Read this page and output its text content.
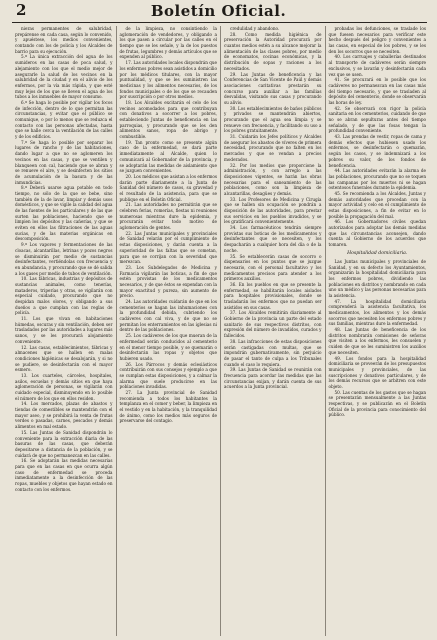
2	Boletín Oficial.

nieras permanentes de salubridad, prepárense en cada casa, según lo convenido, y apuéstese, los medios convenientes, contando con los de policía y los Alcaldes de barrio para su ejecución.

5.ª La única extracción del agua de los sumideros en las casas de poca salud, y alejamiento con los que el medio mejor de asegurarle la salud de los vecinos en la salubridad de la ciudad y en el alivio de los enfermos, por la vía más rápida, y que esté muy lejos de los que se lleven el agua de los tubos a los inmuebles de mayor consumo.

6.ª Se haga lo posible por vigilar los focos de infección, dentro de lo que permitan las circunstancias, y evitar que el público se comunique, o por lo menos que se reduzca el contacto con las personas afectadas, hasta que se halle cerca la ventilación de las calles y de los edificios.

7.ª Se haga lo posible por separar los lugares de rancho y de las habitaciones, dando lugar a que no se aglomeren los vecinos en las casas, y que se ventilen y blanqueen con cal, haciendo que se abran y se renueve el aire, y se desinfecten los sitios de acumulación de la basura y de las inmundicias.

8.ª Deberá usarse agua potable en todo tiempo, no sólo de la que se bebe, sino también de la de lavar, limpiar y demás usos domésticos, y que se vigile la calidad del agua de las fuentes de los particulares y de las que surten las poblaciones, haciendo que se limpien los depósitos y las cañerías, y que se eviten en ellos las filtraciones de las aguas sucias, y de las materias orgánicas en descomposición.

9.ª Los vapores y fermentaciones de las cloacas, alcantarillas, letrinas y pozos negros se disminuirán por medio de sustancias desinfectantes, vertiéndolas con frecuencia y en abundancia, y procurando que se dé salida a los gases por medio de tubos de ventilación.

10. Las fábricas, industrias y depósitos de sustancias animales, como tenerías, mataderos, triperías y otras, se vigilarán con especial cuidado, procurando que no despidan malos olores, y obligando a sus dueños a que cumplan con las reglas de policía.

11. Los que vivan en habitaciones húmedas, oscuras y sin ventilación, deben ser trasladados por las autoridades a lugares más sanos, y se les procurará alojamiento conveniente.

12. Las casas, establecimientos, fábricas y almacenes que se hallen en malas condiciones higiénicas se desalojarán, y si no se pudiere, se desinfectarán con el mayor esmero.

13. Los cuarteles, cárceles, hospitales, asilos, escuelas y demás sitios en que haya aglomeración de personas, se vigilarán con cuidado especial, disminuyendo en lo posible el número de los que en ellos residen.

14. Los mercados, plazas de abastos y tiendas de comestibles se mantendrán con el mayor aseo, y se prohibirá la venta de frutas verdes o pasadas, carnes, pescados y demás alimentos en mal estado.

15. Las Juntas de Sanidad dispondrán lo conveniente para la extracción diaria de las basuras de las casas, que deberán depositarse a distancia de la población, y se cuidará de que no permanezcan en las calles.

16. Se adoptarán las medidas necesarias para que en las casas en que ocurra algún caso de enfermedad se proceda inmediatamente a la desinfección de las ropas, muebles y objetos que hayan estado en contacto con los enfermos.

de la limpieza, no consintiendo la aglomeración de vendedores, y obligando a los que pasen a circular por las calles en el tiempo que se les señale, y la de los puestos de frutas, legumbres y demás artículos que se expenden al público.

17. Las autoridades locales dispondrán que los enfermos pobres sean asistidos a domicilio por los médicos titulares, con la mayor puntualidad, y que se les suministren las medicinas y los alimentos necesarios, de los fondos municipales o de los que se recauden por suscripción o por otros medios.

18. Los Alcaldes excitarán el celo de los vecinos acomodados para que contribuyan con donativos a socorrer a los pobres, estableciendo Juntas de beneficencia en las parroquias, y procurando que se les den alimentos sanos, ropa de abrigo y combustible.

19. Tan pronto como se presente algún caso de la enfermedad, se dará parte inmediatamente al Alcalde, quien lo comunicará al Gobernador de la provincia, y se adoptarán las medidas de aislamiento que se juzguen convenientes.

20. Los médicos que asistan a los enfermos darán parte diariamente a la Junta de Sanidad del número de casos, su gravedad y el resultado de la asistencia, para que se publique en el Boletín Oficial.

21. Las autoridades no permitirán que se celebren ferias, romerías, fiestas ni reuniones numerosas mientras dure la epidemia, y procurarán evitar todo motivo de aglomeración de gentes.

22. Las Juntas municipales y provinciales de Sanidad velarán por el cumplimiento de estas disposiciones, y darán cuenta a la superioridad de las faltas que se cometan, para que se corrijan con la severidad que merezcan.

23. Los Subdelegados de Medicina y Farmacia vigilarán las boticas, a fin de que estén provistas de los medicamentos necesarios, y de que éstos se expendan con la mayor exactitud y pureza, sin aumento de precio.

24. Las autoridades cuidarán de que en los cementerios se hagan las inhumaciones con la profundidad debida, cubriendo los cadáveres con cal viva, y de que no se permitan los enterramientos en las iglesias ni dentro de las poblaciones.

25. Los cadáveres de los que mueran de la enfermedad serán conducidos al cementerio en el menor tiempo posible, y se quemarán o desinfectarán las ropas y objetos que hubieren usado.

26. Los Párrocos y demás eclesiásticos contribuirán con sus consejos y ejemplo a que se cumplan estas disposiciones, y a calmar la alarma que suele producirse en las poblaciones invadidas.

27. La Junta provincial de Sanidad recomienda a todos los habitantes la templanza en el comer y beber, la limpieza en el vestido y en la habitación, y la tranquilidad de ánimo, como los medios más seguros de preservarse del contagio.

credulidad y abandono.

28. Como medida higiénica de preservación la Autoridad procurará por cuantos medios estén a su alcance mejorar la alimentación de las clases pobres, por medio de economatos, cocinas económicas, y la distribución de sopas y raciones a los necesitados.

29. Las Juntas de beneficencia y las Conferencias de San Vicente de Paúl y demás asociaciones caritativas prestarán su concurso para auxiliar a las familias desvalidas, visitando sus casas y procurando su alivio.

30. Los establecimientos de baños públicos y privados se mantendrán abiertos, procurando que el agua sea limpia y se renueve con frecuencia, y facilitando su uso a los pobres gratuitamente.

31. Cuidarán los Jefes políticos y Alcaldes de asegurar los abastos de víveres de primera necesidad, procurando que no falten en los mercados y que se vendan a precios moderados.

32. Por los medios que proporcione la administración, y con arreglo a las disposiciones vigentes, se harán las obras necesarias para el saneamiento de las poblaciones, como son la limpieza de alcantarillas, desagües y demás.

33. Los Profesores de Medicina y Cirugía que se hallen sin ocupación se pondrán a disposición de las autoridades, para prestar sus servicios en los pueblos invadidos, y se les gratificará convenientemente.

34. Los farmacéuticos tendrán siempre provistas sus boticas de los medicamentos y desinfectantes que se necesiten, y los despacharán a cualquier hora del día o de la noche.

35. Se establecerán casas de socorro o dispensarios en los puntos que se juzgue necesario, con el personal facultativo y los medicamentos precisos para atender a los primeros auxilios.

36. En los pueblos en que se presente la enfermedad, se habilitarán locales aislados para hospitales provisionales, donde se trasladarán los enfermos que no puedan ser asistidos en sus casas.

37. Los Alcaldes remitirán diariamente al Gobierno de la provincia un parte del estado sanitario de sus respectivos distritos, con expresión del número de invadidos, curados y fallecidos.

38. Las infracciones de estas disposiciones serán castigadas con multas, que se impondrán gubernativamente, sin perjuicio de pasar el tanto de culpa a los Tribunales cuando el caso lo requiera.

39. Las Juntas de Sanidad se reunirán con frecuencia para acordar las medidas que las circunstancias exijan, y darán cuenta de sus acuerdos a la Junta provincial.

probadas los defunciones, se traslade los que fuesen necesarios para verificar este hecho después del peligro y convenientes a las casas, en especial de los pobres, y se les den los socorros que se necesiten.

40. Los carruajes y caballerías destinados al transporte de cadáveres serán siempre exclusivos, y se lavarán y desinfectarán cada vez que se usen.

41. Se procurará en lo posible que los cadáveres no permanezcan en las casas más del tiempo necesario, y que se trasladen al depósito del cementerio, donde se observarán las horas de ley.

42. Se observará con rigor la policía sanitaria en los cementerios, cuidando de que no se abran sepulturas antes del tiempo señalado, y de que las fosas tengan la profundidad conveniente.

43. Las prendas de vestir, ropas de cama y demás efectos que hubiesen usado los enfermos, se desinfectarán o quemarán, según los casos, y se indemnizará a los pobres su valor, de los fondos de beneficencia.

44. Las autoridades evitarán la alarma de las poblaciones, procurando que no se toquen las campanas por los muertos ni se hagan ostentosos funerales durante la epidemia.

45. Se recomienda a los Alcaldes, Juntas y demás autoridades que procedan con la mayor actividad y celo en el cumplimiento de estas disposiciones, a fin de evitar en lo posible la propagación del mal.

46. Los Gobernadores civiles quedan autorizados para adoptar las demás medidas que las circunstancias aconsejen, dando cuenta al Gobierno de los acuerdos que tomaren.

Hospitalidad domiciliaria.

Las Juntas municipales y provinciales de Sanidad, y en su defecto los Ayuntamientos, organizarán la hospitalidad domiciliaria para los enfermos pobres, dividiendo las poblaciones en distritos y nombrando en cada uno un médico y las personas necesarias para la asistencia.

47. La hospitalidad domiciliaria comprenderá la asistencia facultativa, los medicamentos, los alimentos y los demás socorros que necesiten los enfermos pobres y sus familias, mientras dure la enfermedad.

48. Las Juntas de beneficencia de los distritos nombrarán comisiones de señoras que visiten a los enfermos, les consuelen y cuiden de que se les suministren los auxilios que necesiten.

49. Los fondos para la hospitalidad domiciliaria se proveerán de los presupuestos municipales y provinciales, de las suscripciones y donativos particulares, y de los demás recursos que se arbitren con este objeto.

50. Las cuentas de los gastos que se hagan se presentarán mensualmente a las Juntas respectivas, y se publicarán en el Boletín Oficial de la provincia para conocimiento del público.
